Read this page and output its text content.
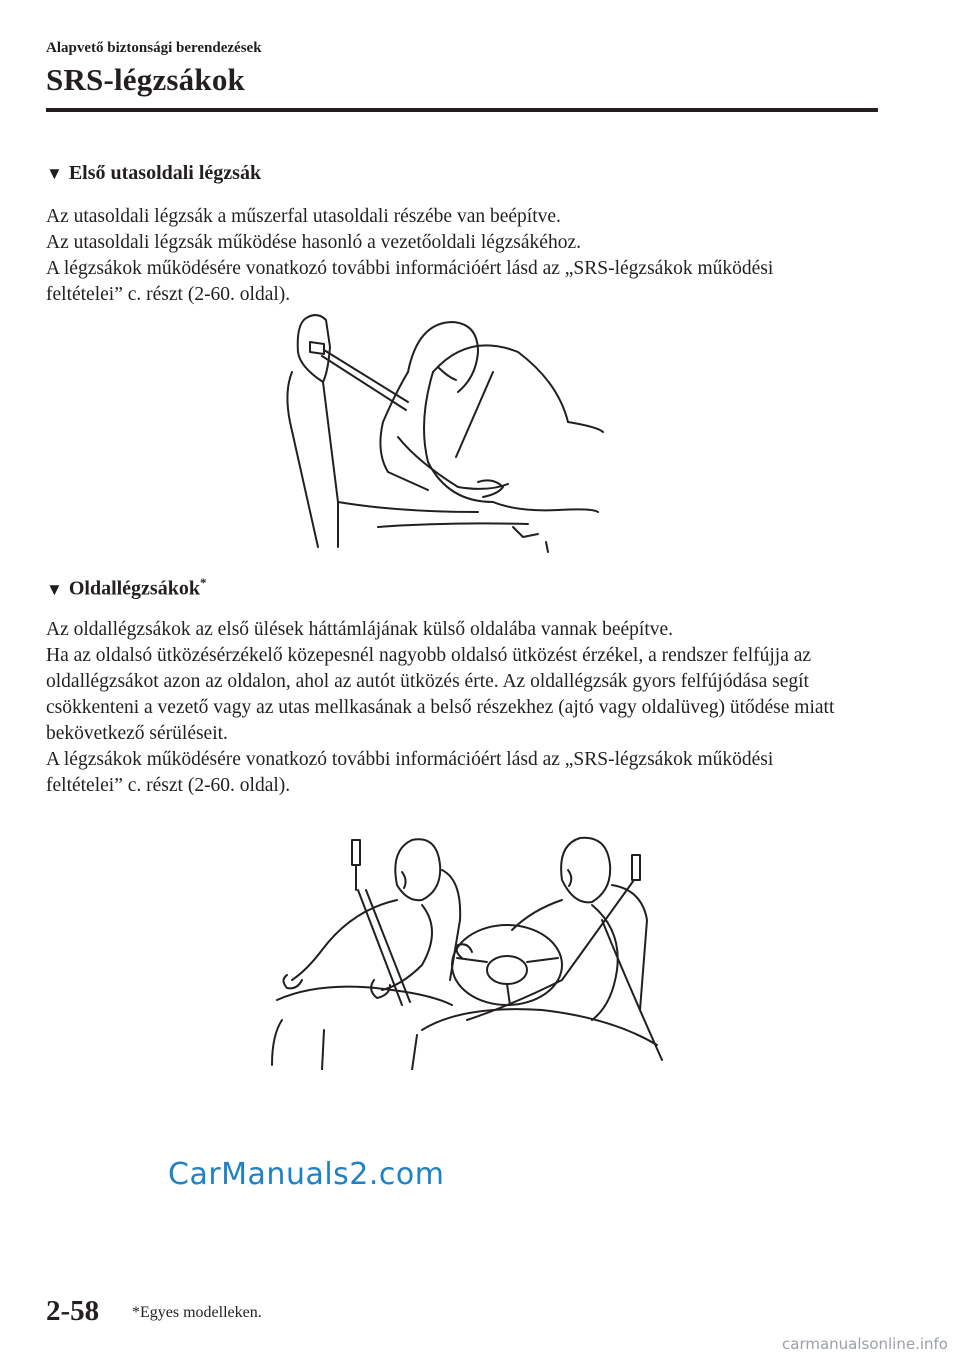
Alapvető biztonsági berendezések
SRS-légzsákok
▼ Első utasoldali légzsák

Az utasoldali légzsák a műszerfal utasoldali részébe van beépítve.

Az utasoldali légzsák működése hasonló a vezetőoldali légzsákéhoz.

A légzsákok működésére vonatkozó további információért lásd az „SRS-légzsákok működési feltételei” c. részt (2-60. oldal).

▼ Oldallégzsákok*

Az oldallégzsákok az első ülések háttámlájának külső oldalába vannak beépítve.

Ha az oldalsó ütközésérzékelő közepesnél nagyobb oldalsó ütközést érzékel, a rendszer felfújja az oldallégzsákot azon az oldalon, ahol az autót ütközés érte. Az oldallégzsák gyors felfújódása segít csökkenteni a vezető vagy az utas mellkasának a belső részekhez (ajtó vagy oldalüveg) ütődése miatt bekövetkező sérüléseit.

A légzsákok működésére vonatkozó további információért lásd az „SRS-légzsákok működési feltételei” c. részt (2-60. oldal).

CarManuals2.com
2-58 *Egyes modelleken.
carmanualsonline.info
